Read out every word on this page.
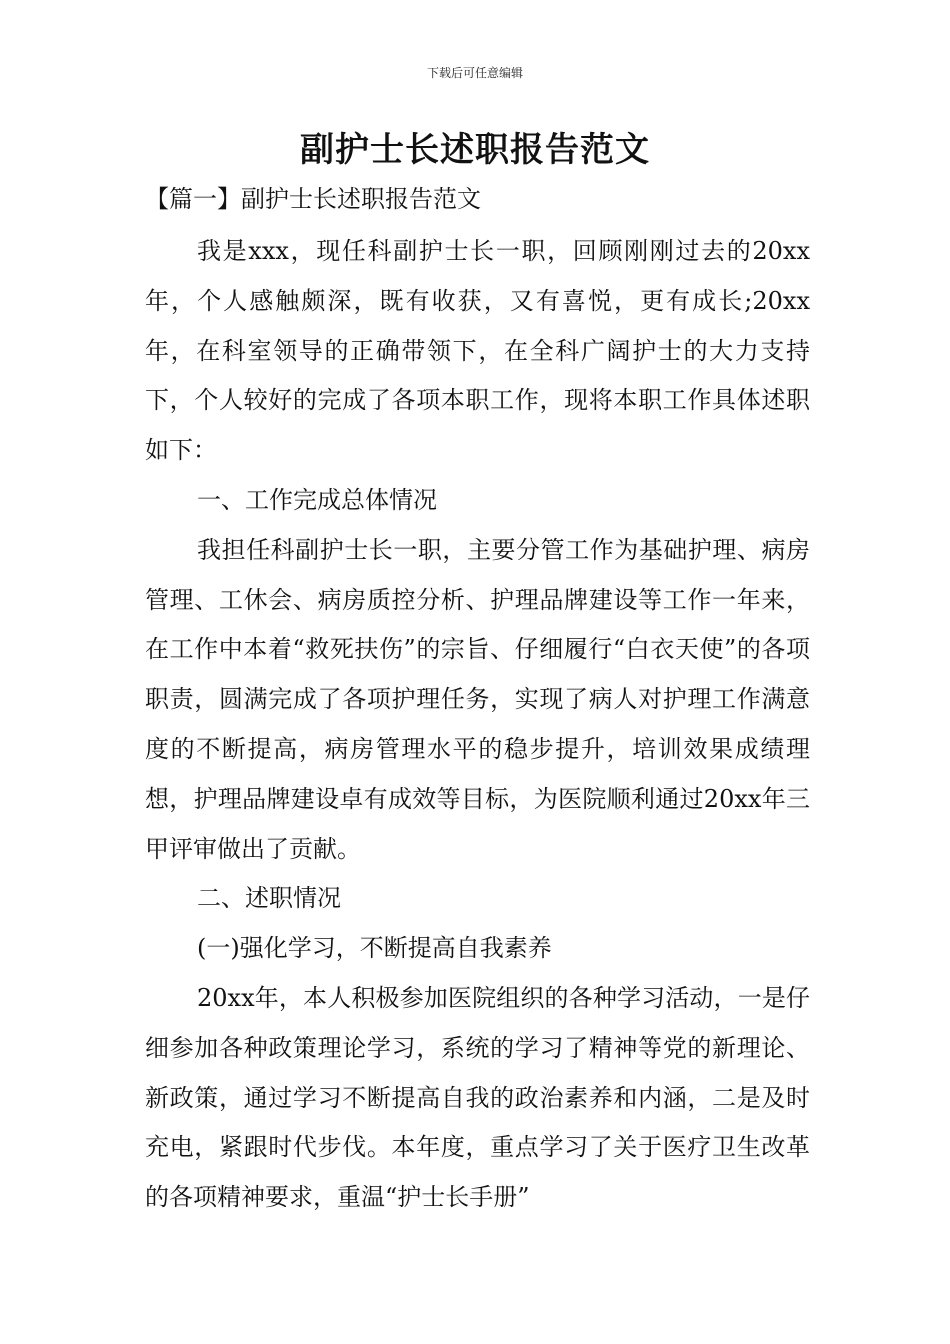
下载后可任意编辑
副护士长述职报告范文
【篇一】副护士长述职报告范文

我是xxx，现任科副护士长一职，回顾刚刚过去的20xx年，个人感触颇深，既有收获，又有喜悦，更有成长;20xx年，在科室领导的正确带领下，在全科广阔护士的大力支持下，个人较好的完成了各项本职工作，现将本职工作具体述职如下：

一、工作完成总体情况

我担任科副护士长一职，主要分管工作为基础护理、病房管理、工休会、病房质控分析、护理品牌建设等工作一年来，在工作中本着“救死扶伤”的宗旨、仔细履行“白衣天使”的各项职责，圆满完成了各项护理任务，实现了病人对护理工作满意度的不断提高，病房管理水平的稳步提升，培训效果成绩理想，护理品牌建设卓有成效等目标，为医院顺利通过20xx年三甲评审做出了贡献。

二、述职情况

(一)强化学习，不断提高自我素养

20xx年，本人积极参加医院组织的各种学习活动，一是仔细参加各种政策理论学习，系统的学习了精神等党的新理论、新政策，通过学习不断提高自我的政治素养和内涵，二是及时充电，紧跟时代步伐。本年度，重点学习了关于医疗卫生改革的各项精神要求，重温“护士长手册”
